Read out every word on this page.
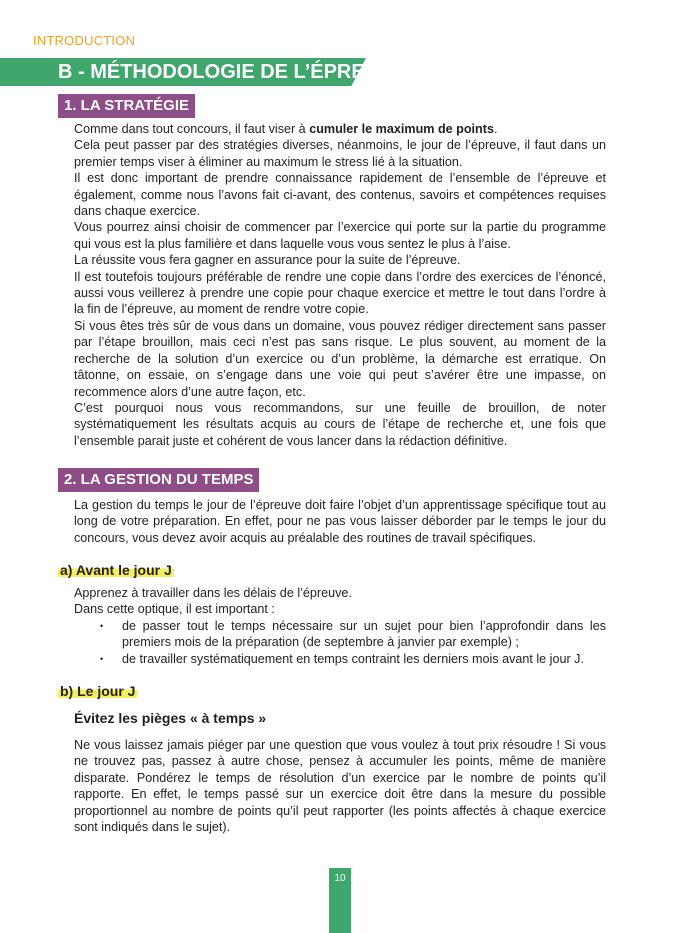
INTRODUCTION
B - MÉTHODOLOGIE DE L’ÉPREUVE
1. LA STRATÉGIE

Comme dans tout concours, il faut viser à cumuler le maximum de points.

Cela peut passer par des stratégies diverses, néanmoins, le jour de l’épreuve, il faut dans un premier temps viser à éliminer au maximum le stress lié à la situation.

Il est donc important de prendre connaissance rapidement de l’ensemble de l’épreuve et également, comme nous l’avons fait ci-avant, des contenus, savoirs et compétences requises dans chaque exercice.

Vous pourrez ainsi choisir de commencer par l’exercice qui porte sur la partie du programme qui vous est la plus familière et dans laquelle vous vous sentez le plus à l’aise.

La réussite vous fera gagner en assurance pour la suite de l’épreuve.

Il est toutefois toujours préférable de rendre une copie dans l’ordre des exercices de l’énoncé, aussi vous veillerez à prendre une copie pour chaque exercice et mettre le tout dans l’ordre à la fin de l’épreuve, au moment de rendre votre copie.

Si vous êtes très sûr de vous dans un domaine, vous pouvez rédiger directement sans passer par l’étape brouillon, mais ceci n’est pas sans risque. Le plus souvent, au moment de la recherche de la solution d’un exercice ou d’un problème, la démarche est erratique. On tâtonne, on essaie, on s’engage dans une voie qui peut s’avérer être une impasse, on recommence alors d’une autre façon, etc.

C’est pourquoi nous vous recommandons, sur une feuille de brouillon, de noter systématiquement les résultats acquis au cours de l’étape de recherche et, une fois que l’ensemble parait juste et cohérent de vous lancer dans la rédaction définitive.

2. LA GESTION DU TEMPS

La gestion du temps le jour de l’épreuve doit faire l’objet d’un apprentissage spécifique tout au long de votre préparation. En effet, pour ne pas vous laisser déborder par le temps le jour du concours, vous devez avoir acquis au préalable des routines de travail spécifiques.

a) Avant le jour J

Apprenez à travailler dans les délais de l’épreuve.

Dans cette optique, il est important :

• de passer tout le temps nécessaire sur un sujet pour bien l’approfondir dans les premiers mois de la préparation (de septembre à janvier par exemple) ;
• de travailler systématiquement en temps contraint les derniers mois avant le jour J.
b) Le jour J
Évitez les pièges « à temps »

Ne vous laissez jamais piéger par une question que vous voulez à tout prix résoudre ! Si vous ne trouvez pas, passez à autre chose, pensez à accumuler les points, même de manière disparate. Pondérez le temps de résolution d’un exercice par le nombre de points qu’il rapporte. En effet, le temps passé sur un exercice doit être dans la mesure du possible proportionnel au nombre de points qu’il peut rapporter (les points affectés à chaque exercice sont indiqués dans le sujet).

10
